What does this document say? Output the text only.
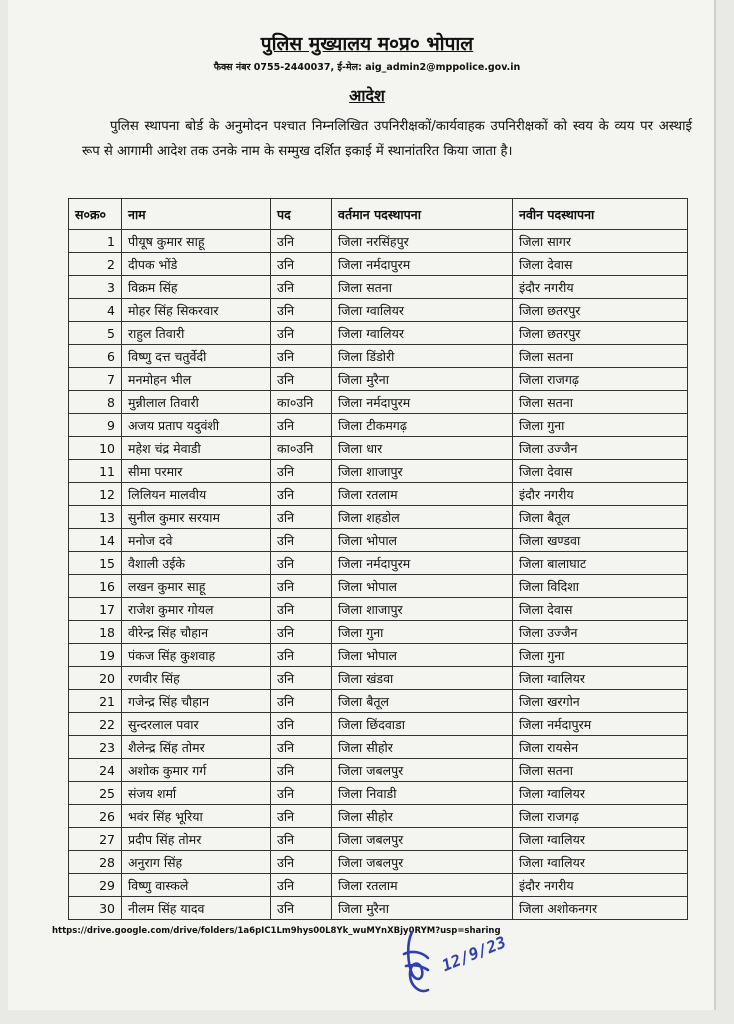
पुलिस मुख्यालय म०प्र० भोपाल
फैक्स नंबर 0755-2440037, ई-मेल: aig_admin2@mppolice.gov.in
आदेश
पुलिस स्थापना बोर्ड के अनुमोदन पश्चात निम्नलिखित उपनिरीक्षकों/कार्यवाहक उपनिरीक्षकों को स्वय के व्यय पर अस्थाई रूप से आगामी आदेश तक उनके नाम के सम्मुख दर्शित इकाई में स्थानांतरित किया जाता है।
स०क्र०	नाम	पद	वर्तमान पदस्थापना	नवीन पदस्थापना
1	पीयूष कुमार साहू	उनि	जिला नरसिंहपुर	जिला सागर
2	दीपक भोंडे	उनि	जिला नर्मदापुरम	जिला देवास
3	विक्रम सिंह	उनि	जिला सतना	इंदौर नगरीय
4	मोहर सिंह सिकरवार	उनि	जिला ग्वालियर	जिला छतरपुर
5	राहुल तिवारी	उनि	जिला ग्वालियर	जिला छतरपुर
6	विष्णु दत्त चतुर्वेदी	उनि	जिला डिंडोरी	जिला सतना
7	मनमोहन भील	उनि	जिला मुरैना	जिला राजगढ़
8	मुन्नीलाल तिवारी	का०उनि	जिला नर्मदापुरम	जिला सतना
9	अजय प्रताप यदुवंशी	उनि	जिला टीकमगढ़	जिला गुना
10	महेश चंद्र मेवाडी	का०उनि	जिला धार	जिला उज्जैन
11	सीमा परमार	उनि	जिला शाजापुर	जिला देवास
12	लिलियन मालवीय	उनि	जिला रतलाम	इंदौर नगरीय
13	सुनील कुमार सरयाम	उनि	जिला शहडोल	जिला बैतूल
14	मनोज दवे	उनि	जिला भोपाल	जिला खण्डवा
15	वैशाली उईके	उनि	जिला नर्मदापुरम	जिला बालाघाट
16	लखन कुमार साहू	उनि	जिला भोपाल	जिला विदिशा
17	राजेश कुमार गोयल	उनि	जिला शाजापुर	जिला देवास
18	वीरेन्द्र सिंह चौहान	उनि	जिला गुना	जिला उज्जैन
19	पंकज सिंह कुशवाह	उनि	जिला भोपाल	जिला गुना
20	रणवीर सिंह	उनि	जिला खंडवा	जिला ग्वालियर
21	गजेन्द्र सिंह चौहान	उनि	जिला बैतूल	जिला खरगोन
22	सुन्दरलाल पवार	उनि	जिला छिंदवाडा	जिला नर्मदापुरम
23	शैलेन्द्र सिंह तोमर	उनि	जिला सीहोर	जिला रायसेन
24	अशोक कुमार गर्ग	उनि	जिला जबलपुर	जिला सतना
25	संजय शर्मा	उनि	जिला निवाडी	जिला ग्वालियर
26	भवंर सिंह भूरिया	उनि	जिला सीहोर	जिला राजगढ़
27	प्रदीप सिंह तोमर	उनि	जिला जबलपुर	जिला ग्वालियर
28	अनुराग सिंह	उनि	जिला जबलपुर	जिला ग्वालियर
29	विष्णु वास्कले	उनि	जिला रतलाम	इंदौर नगरीय
30	नीलम सिंह यादव	उनि	जिला मुरैना	जिला अशोकनगर
https://drive.google.com/drive/folders/1a6pIC1Lm9hys00L8Yk_wuMYnXBjy0RYM?usp=sharing
12/9/23
